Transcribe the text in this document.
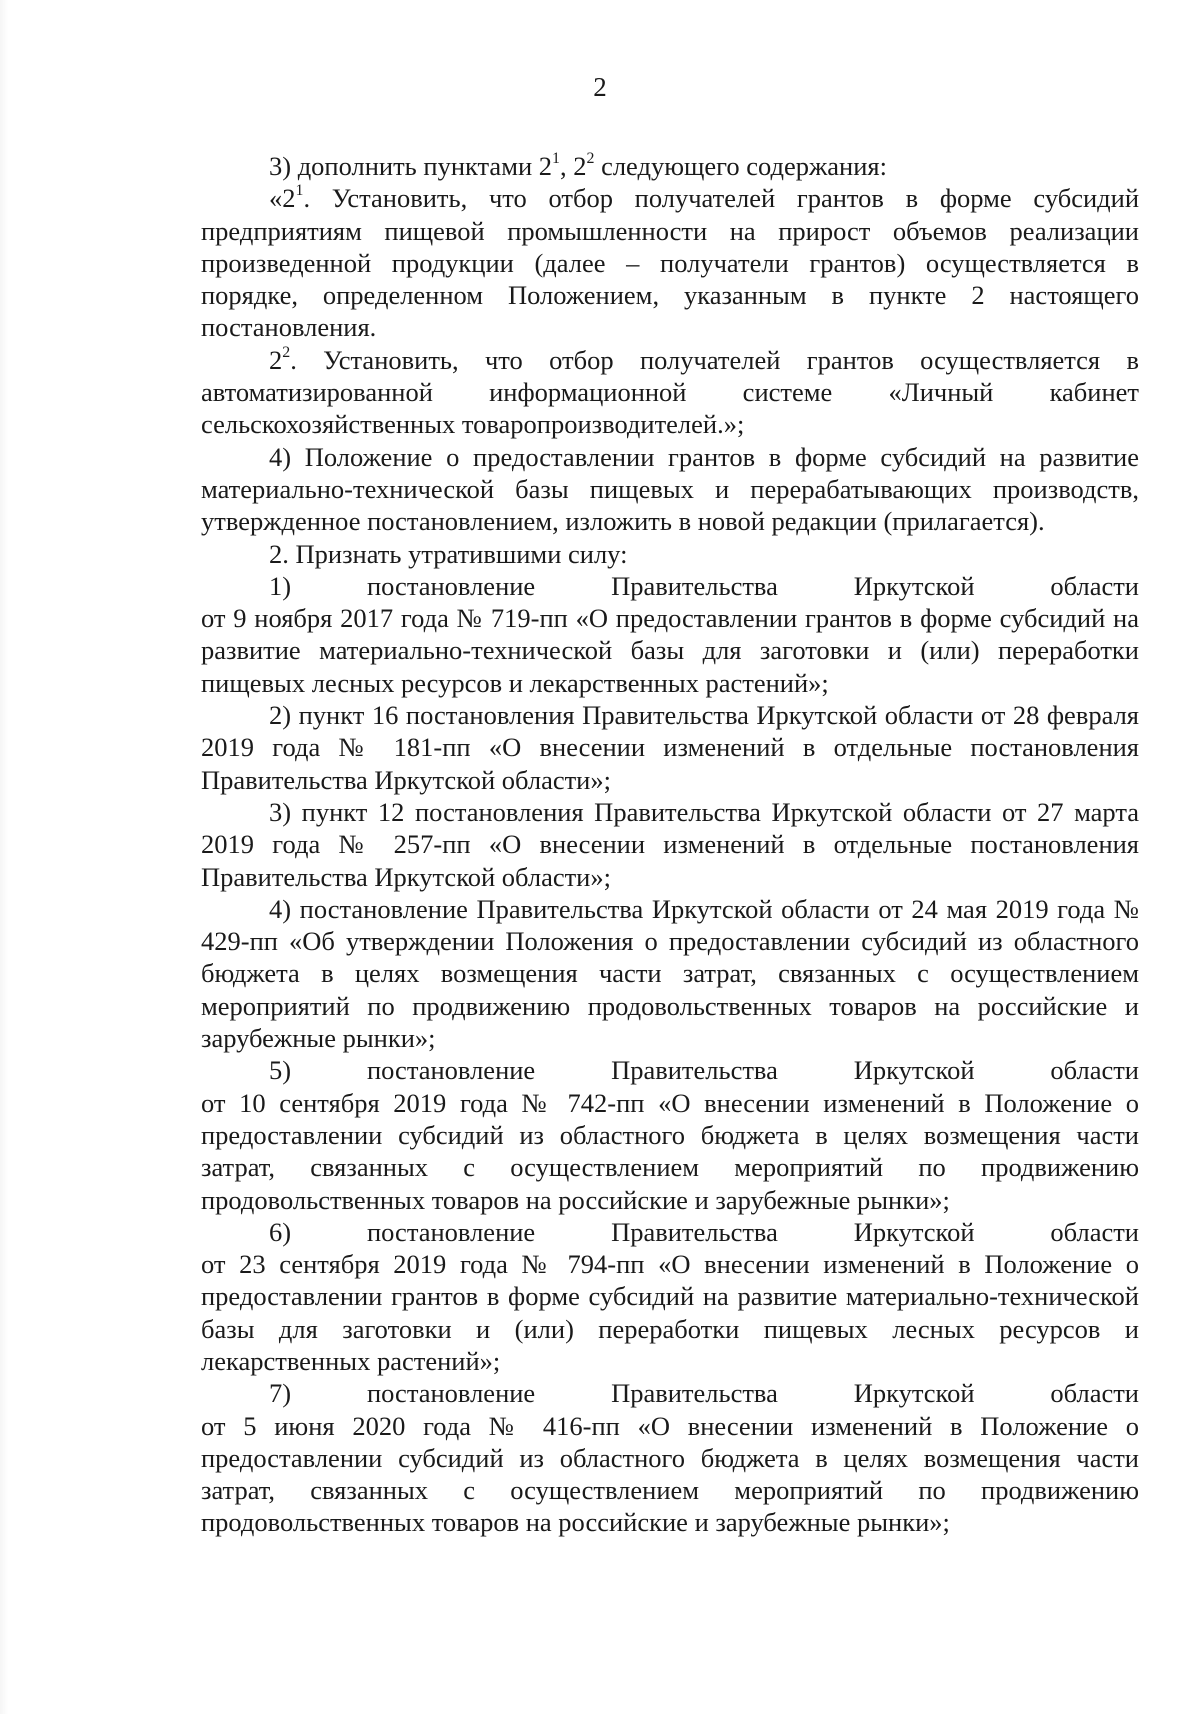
2

3) дополнить пунктами $2^1$, $2^2$ следующего содержания:

«$2^1$. Установить, что отбор получателей грантов в форме субсидий предприятиям пищевой промышленности на прирост объемов реализации произведенной продукции (далее – получатели грантов) осуществляется в порядке, определенном Положением, указанным в пункте 2 настоящего постановления.

$2^2$. Установить, что отбор получателей грантов осуществляется в автоматизированной информационной системе «Личный кабинет сельскохозяйственных товаропроизводителей.»;

4) Положение о предоставлении грантов в форме субсидий на развитие материально-технической базы пищевых и перерабатывающих производств, утвержденное постановлением, изложить в новой редакции (прилагается).

2. Признать утратившими силу:

1) постановление Правительства Иркутской области

от 9 ноября 2017 года № 719-пп «О предоставлении грантов в форме субсидий на развитие материально-технической базы для заготовки и (или) переработки пищевых лесных ресурсов и лекарственных растений»;

2) пункт 16 постановления Правительства Иркутской области от 28 февраля 2019 года № 181-пп «О внесении изменений в отдельные постановления Правительства Иркутской области»;

3) пункт 12 постановления Правительства Иркутской области от 27 марта 2019 года № 257-пп «О внесении изменений в отдельные постановления Правительства Иркутской области»;

4) постановление Правительства Иркутской области от 24 мая 2019 года № 429-пп «Об утверждении Положения о предоставлении субсидий из областного бюджета в целях возмещения части затрат, связанных с осуществлением мероприятий по продвижению продовольственных товаров на российские и зарубежные рынки»;

5) постановление Правительства Иркутской области

от 10 сентября 2019 года № 742-пп «О внесении изменений в Положение о предоставлении субсидий из областного бюджета в целях возмещения части затрат, связанных с осуществлением мероприятий по продвижению продовольственных товаров на российские и зарубежные рынки»;

6) постановление Правительства Иркутской области

от 23 сентября 2019 года № 794-пп «О внесении изменений в Положение о предоставлении грантов в форме субсидий на развитие материально-технической базы для заготовки и (или) переработки пищевых лесных ресурсов и лекарственных растений»;

7) постановление Правительства Иркутской области

от 5 июня 2020 года № 416-пп «О внесении изменений в Положение о предоставлении субсидий из областного бюджета в целях возмещения части затрат, связанных с осуществлением мероприятий по продвижению продовольственных товаров на российские и зарубежные рынки»;
